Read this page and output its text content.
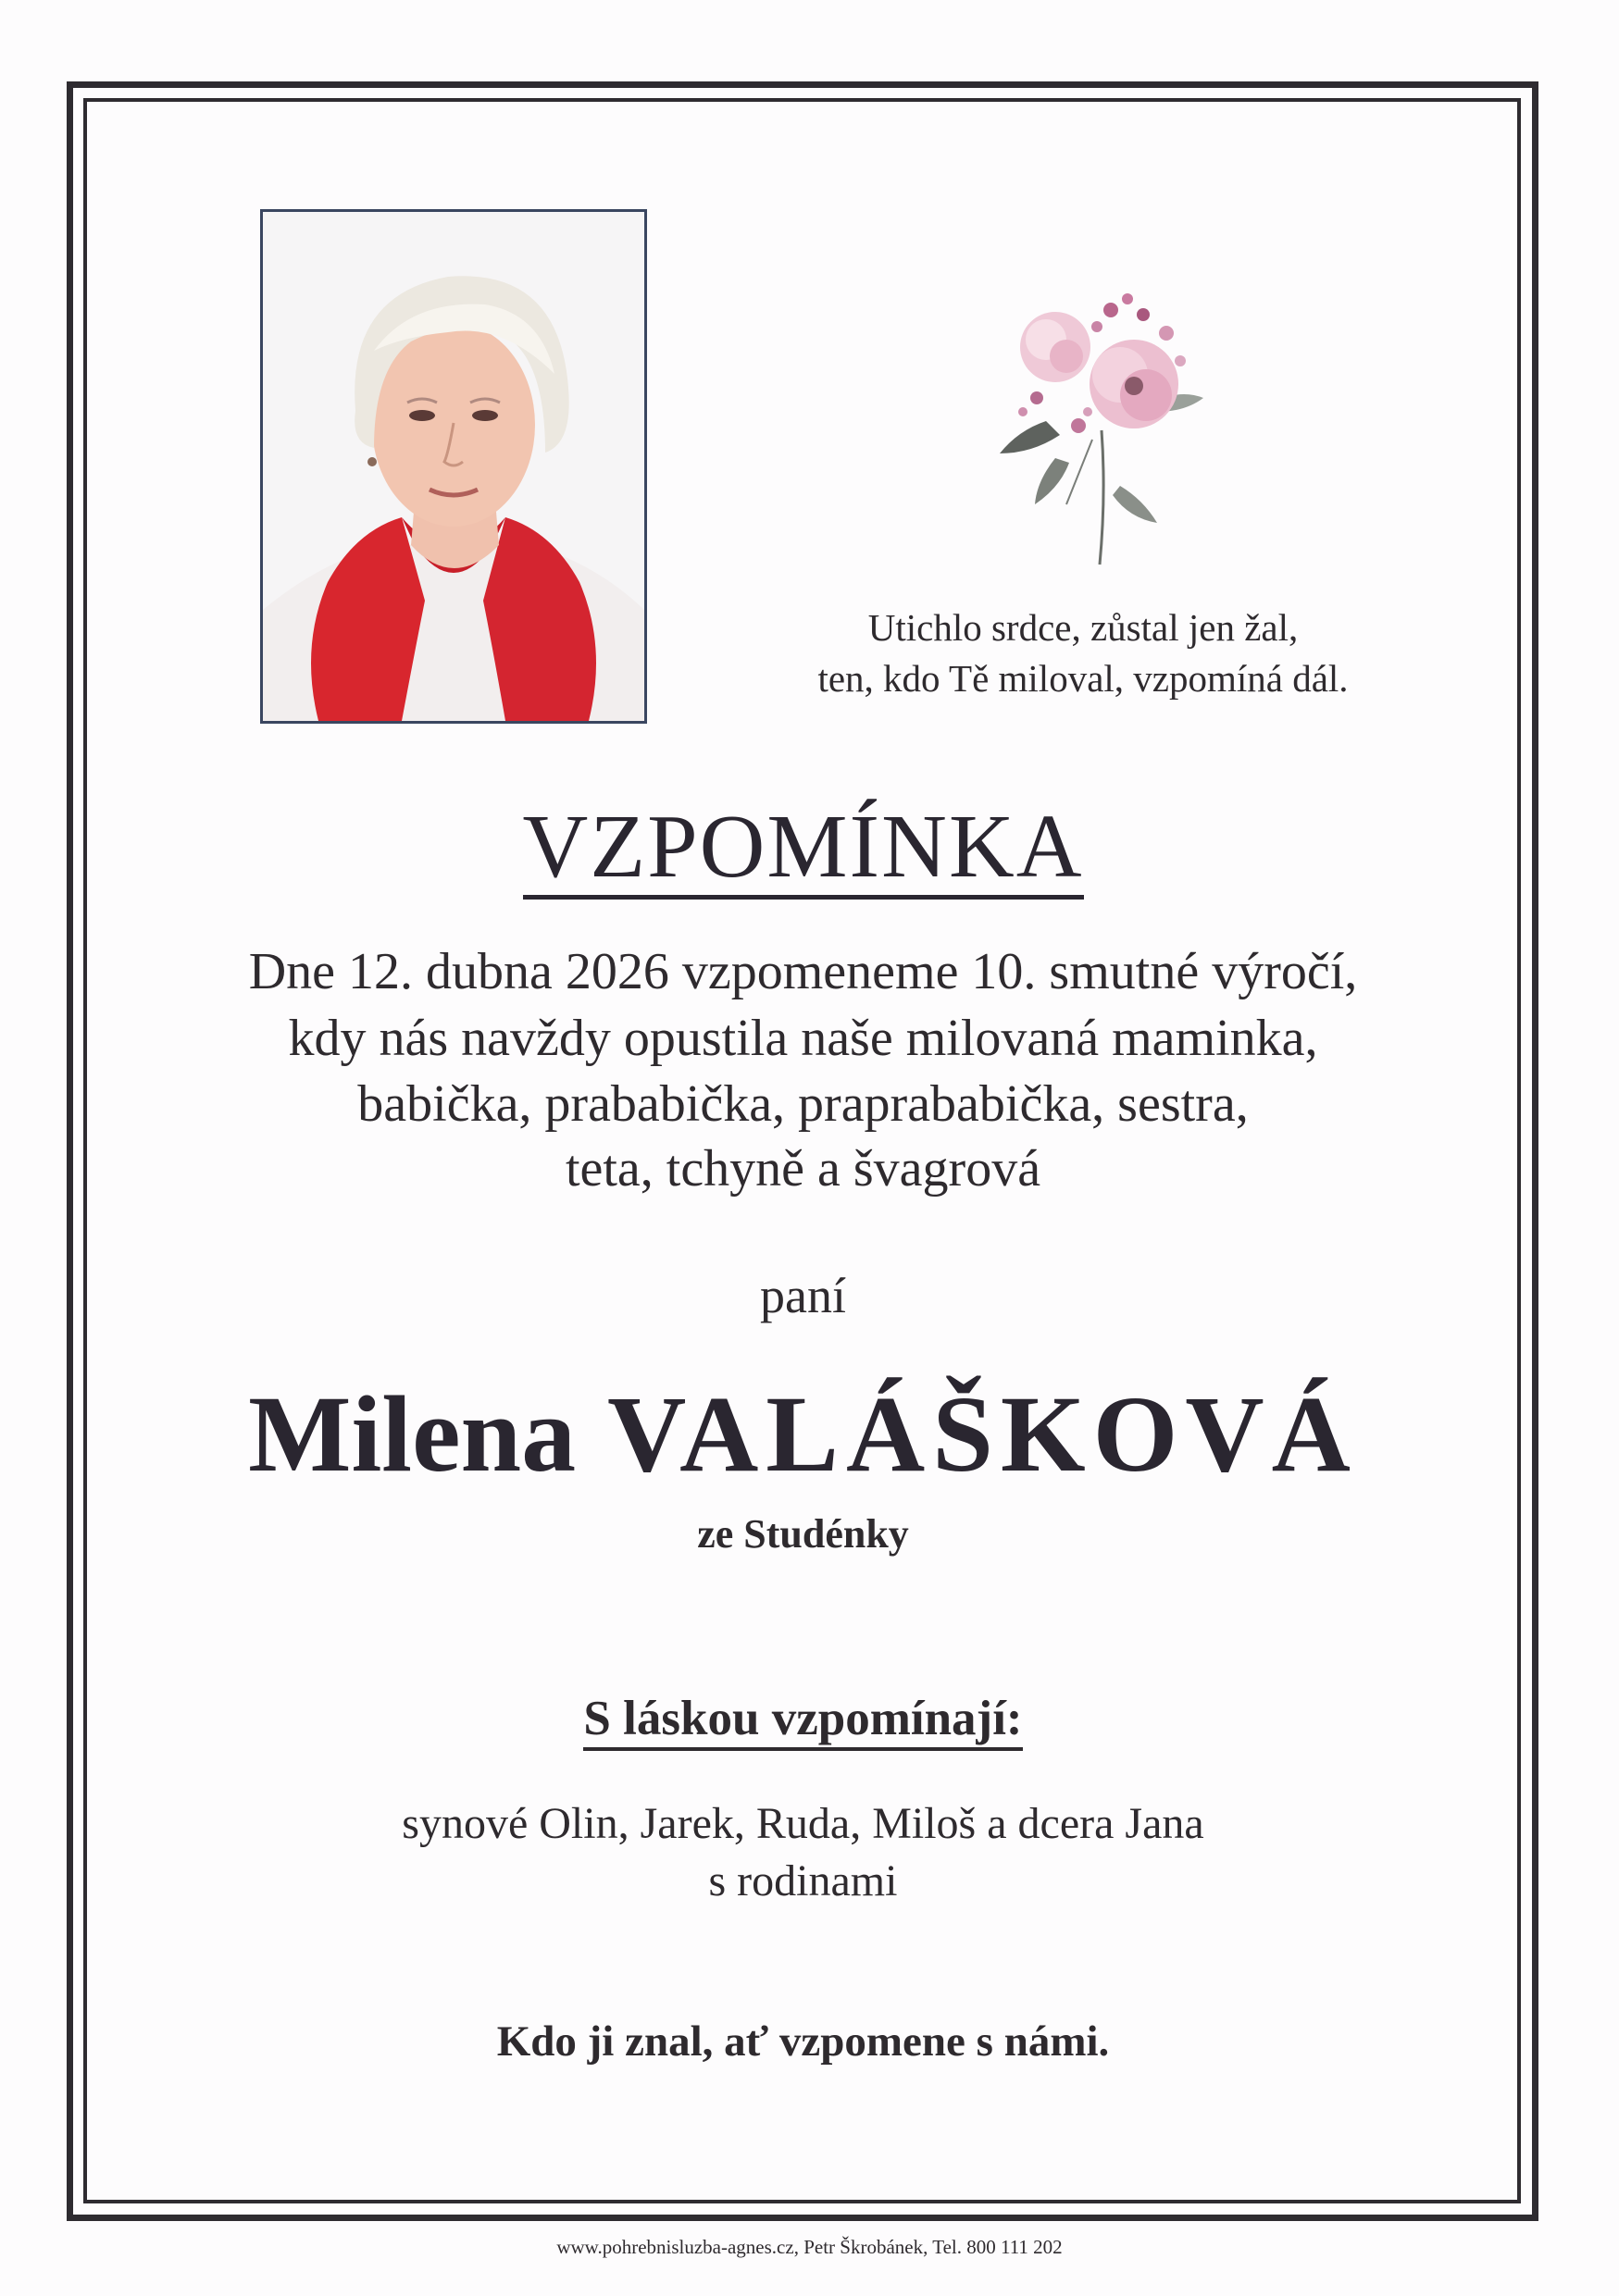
Utichlo srdce, zůstal jen žal,
ten, kdo Tě miloval, vzpomíná dál.
VZPOMÍNKA
Dne 12. dubna 2026 vzpomeneme 10. smutné výročí,
kdy nás navždy opustila naše milovaná maminka,
babička, prababička, praprababička, sestra,
teta, tchyně a švagrová
paní
Milena VALÁŠKOVÁ
ze Studénky
S láskou vzpomínají:
synové Olin, Jarek, Ruda, Miloš a dcera Jana
s rodinami
Kdo ji znal, ať vzpomene s námi.
www.pohrebnisluzba-agnes.cz, Petr Škrobánek, Tel. 800 111 202
